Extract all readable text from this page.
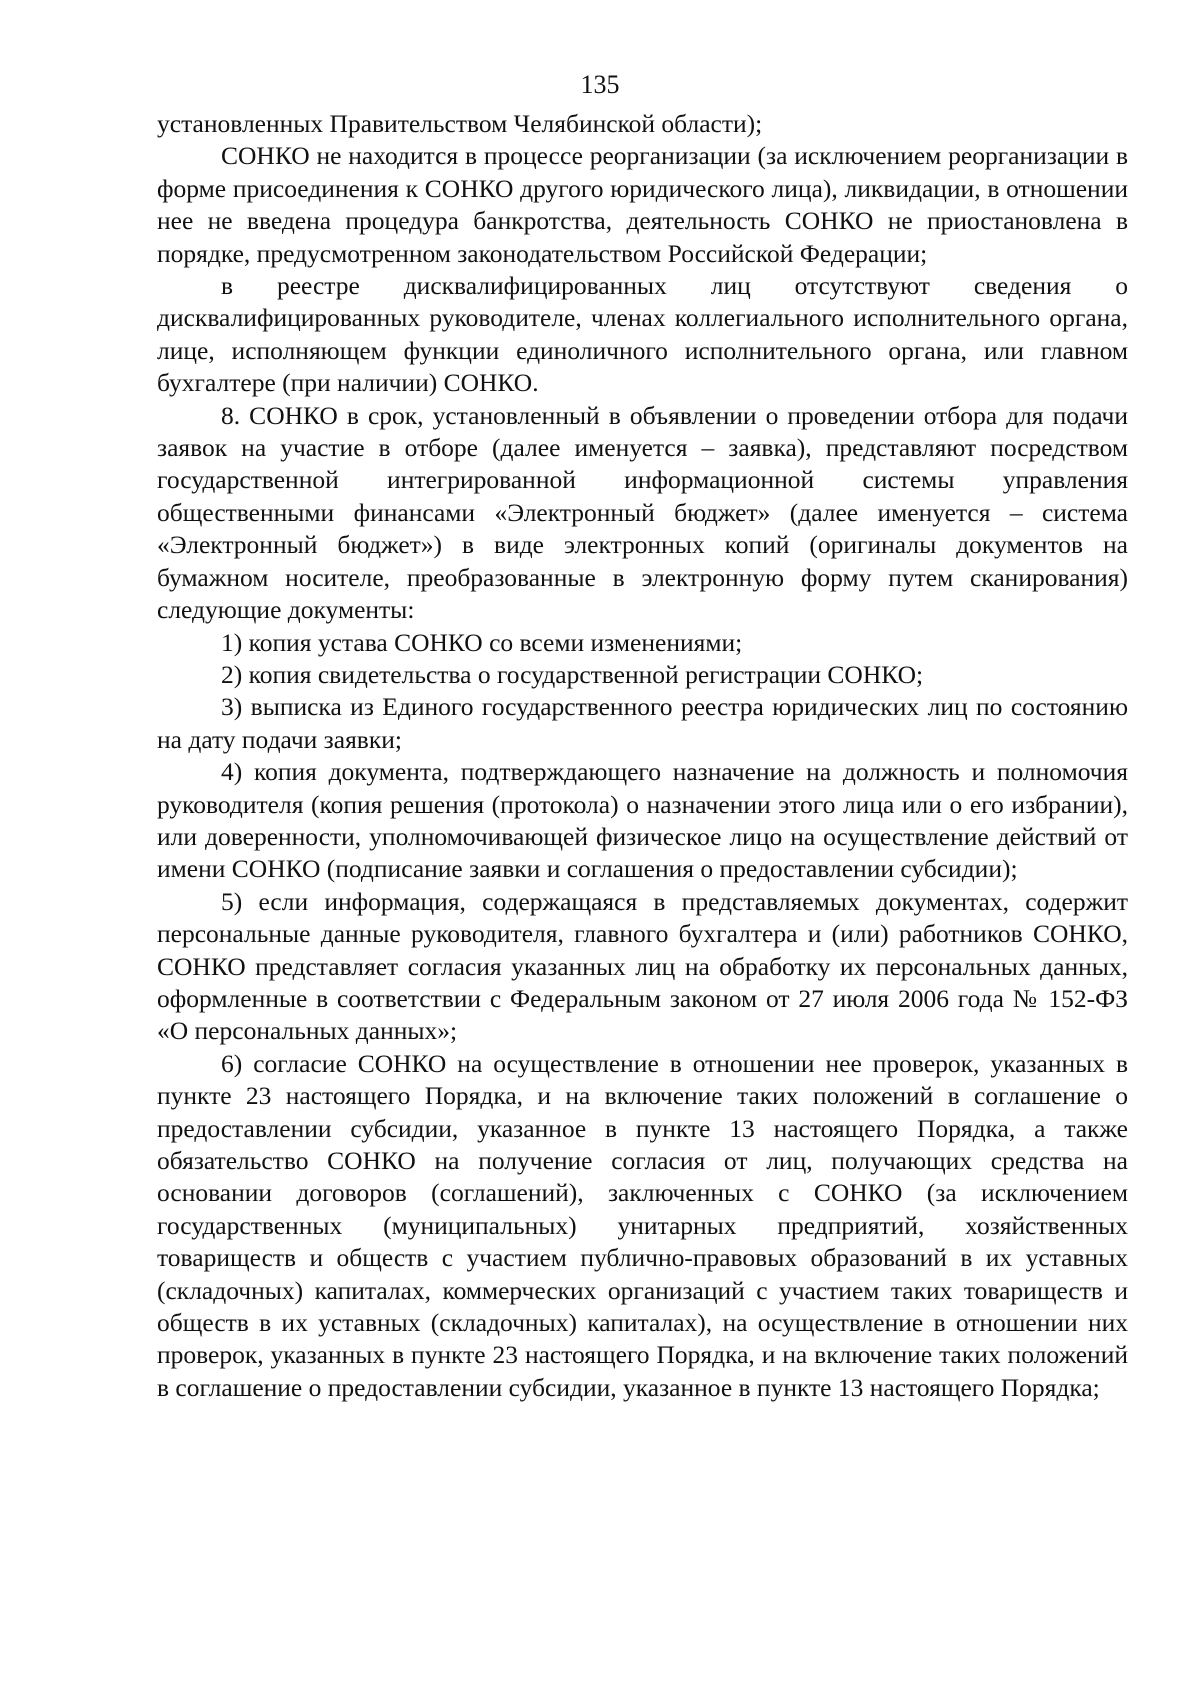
135

установленных Правительством Челябинской области);

СОНКО не находится в процессе реорганизации (за исключением реорганизации в форме присоединения к СОНКО другого юридического лица), ликвидации, в отношении нее не введена процедура банкротства, деятельность СОНКО не приостановлена в порядке, предусмотренном законодательством Российской Федерации;

в реестре дисквалифицированных лиц отсутствуют сведения о дисквалифицированных руководителе, членах коллегиального исполнительного органа, лице, исполняющем функции единоличного исполнительного органа, или главном бухгалтере (при наличии) СОНКО.

8. СОНКО в срок, установленный в объявлении о проведении отбора для подачи заявок на участие в отборе (далее именуется – заявка), представляют посредством государственной интегрированной информационной системы управления общественными финансами «Электронный бюджет» (далее именуется – система «Электронный бюджет») в виде электронных копий (оригиналы документов на бумажном носителе, преобразованные в электронную форму путем сканирования) следующие документы:

1) копия устава СОНКО со всеми изменениями;

2) копия свидетельства о государственной регистрации СОНКО;

3) выписка из Единого государственного реестра юридических лиц по состоянию на дату подачи заявки;

4) копия документа, подтверждающего назначение на должность и полномочия руководителя (копия решения (протокола) о назначении этого лица или о его избрании), или доверенности, уполномочивающей физическое лицо на осуществление действий от имени СОНКО (подписание заявки и соглашения о предоставлении субсидии);

5) если информация, содержащаяся в представляемых документах, содержит персональные данные руководителя, главного бухгалтера и (или) работников СОНКО, СОНКО представляет согласия указанных лиц на обработку их персональных данных, оформленные в соответствии с Федеральным законом от 27 июля 2006 года № 152-ФЗ «О персональных данных»;

6) согласие СОНКО на осуществление в отношении нее проверок, указанных в пункте 23 настоящего Порядка, и на включение таких положений в соглашение о предоставлении субсидии, указанное в пункте 13 настоящего Порядка, а также обязательство СОНКО на получение согласия от лиц, получающих средства на основании договоров (соглашений), заключенных с СОНКО (за исключением государственных (муниципальных) унитарных предприятий, хозяйственных товариществ и обществ с участием публично-правовых образований в их уставных (складочных) капиталах, коммерческих организаций с участием таких товариществ и обществ в их уставных (складочных) капиталах), на осуществление в отношении них проверок, указанных в пункте 23 настоящего Порядка, и на включение таких положений в соглашение о предоставлении субсидии, указанное в пункте 13 настоящего Порядка;
